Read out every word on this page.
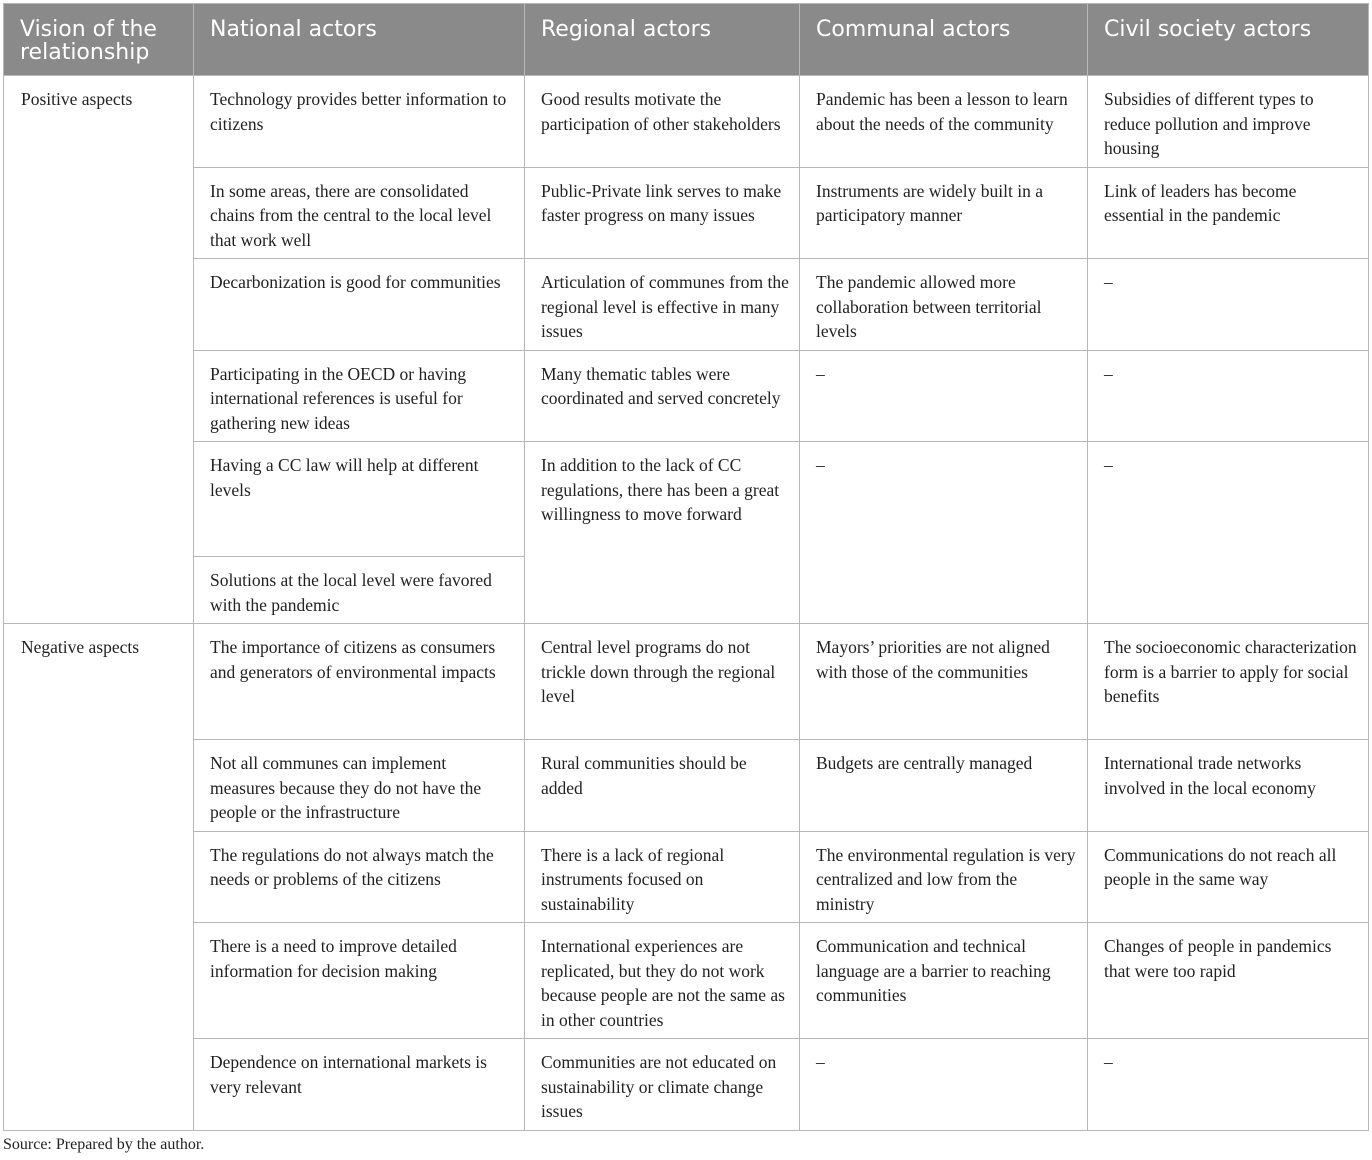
Vision of the relationship	National actors	Regional actors	Communal actors	Civil society actors
Positive aspects	Technology provides better information to citizens	Good results motivate the participation of other stakeholders	Pandemic has been a lesson to learn about the needs of the community	Subsidies of different types to reduce pollution and improve housing
	In some areas, there are consolidated chains from the central to the local level that work well	Public-Private link serves to make faster progress on many issues	Instruments are widely built in a participatory manner	Link of leaders has become essential in the pandemic
	Decarbonization is good for communities	Articulation of communes from the regional level is effective in many issues	The pandemic allowed more collaboration between territorial levels	–
	Participating in the OECD or having international references is useful for gathering new ideas	Many thematic tables were coordinated and served concretely	–	–
	Having a CC law will help at different levels	In addition to the lack of CC regulations, there has been a great willingness to move forward	–	–
	Solutions at the local level were favored with the pandemic			
Negative aspects	The importance of citizens as consumers and generators of environmental impacts	Central level programs do not trickle down through the regional level	Mayors’ priorities are not aligned with those of the communities	The socioeconomic characterization form is a barrier to apply for social benefits
	Not all communes can implement measures because they do not have the people or the infrastructure	Rural communities should be added	Budgets are centrally managed	International trade networks involved in the local economy
	The regulations do not always match the needs or problems of the citizens	There is a lack of regional instruments focused on sustainability	The environmental regulation is very centralized and low from the ministry	Communications do not reach all people in the same way
	There is a need to improve detailed information for decision making	International experiences are replicated, but they do not work because people are not the same as in other countries	Communication and technical language are a barrier to reaching communities	Changes of people in pandemics that were too rapid
	Dependence on international markets is very relevant	Communities are not educated on sustainability or climate change issues	–	–
Source: Prepared by the author.
